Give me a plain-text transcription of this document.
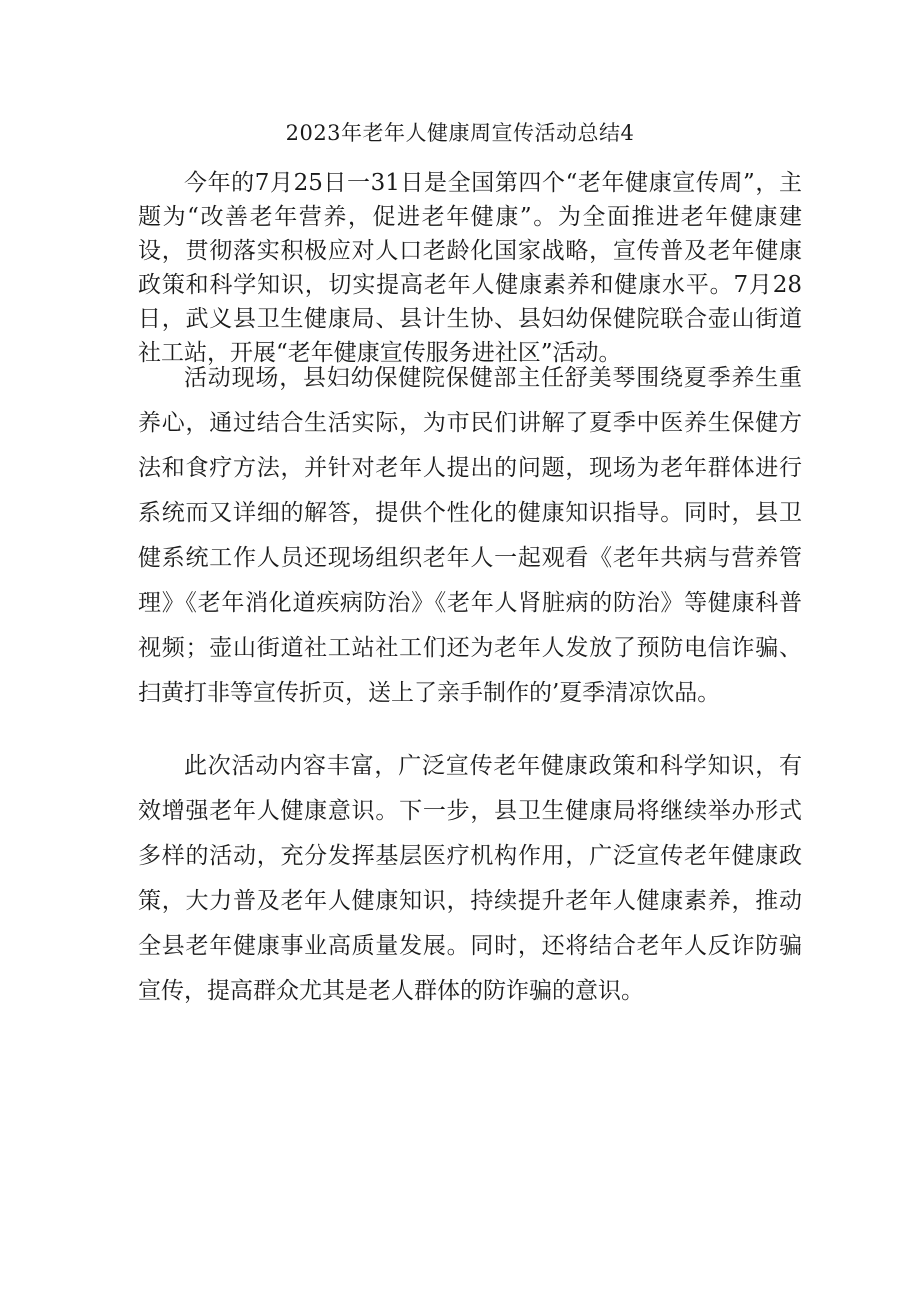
2023年老年人健康周宣传活动总结4
今年的7月25日一31日是全国第四个“老年健康宣传周”，主题为“改善老年营养，促进老年健康”。为全面推进老年健康建设，贯彻落实积极应对人口老龄化国家战略，宣传普及老年健康政策和科学知识，切实提高老年人健康素养和健康水平。7月28日，武义县卫生健康局、县计生协、县妇幼保健院联合壶山街道社工站，开展“老年健康宣传服务进社区”活动。
活动现场，县妇幼保健院保健部主任舒美琴围绕夏季养生重养心，通过结合生活实际，为市民们讲解了夏季中医养生保健方法和食疗方法，并针对老年人提出的问题，现场为老年群体进行系统而又详细的解答，提供个性化的健康知识指导。同时，县卫健系统工作人员还现场组织老年人一起观看《老年共病与营养管理》《老年消化道疾病防治》《老年人肾脏病的防治》等健康科普视频；壶山街道社工站社工们还为老年人发放了预防电信诈骗、扫黄打非等宣传折页，送上了亲手制作的’夏季清凉饮品。
此次活动内容丰富，广泛宣传老年健康政策和科学知识，有效增强老年人健康意识。下一步，县卫生健康局将继续举办形式多样的活动，充分发挥基层医疗机构作用，广泛宣传老年健康政策，大力普及老年人健康知识，持续提升老年人健康素养，推动全县老年健康事业高质量发展。同时，还将结合老年人反诈防骗宣传，提高群众尤其是老人群体的防诈骗的意识。
